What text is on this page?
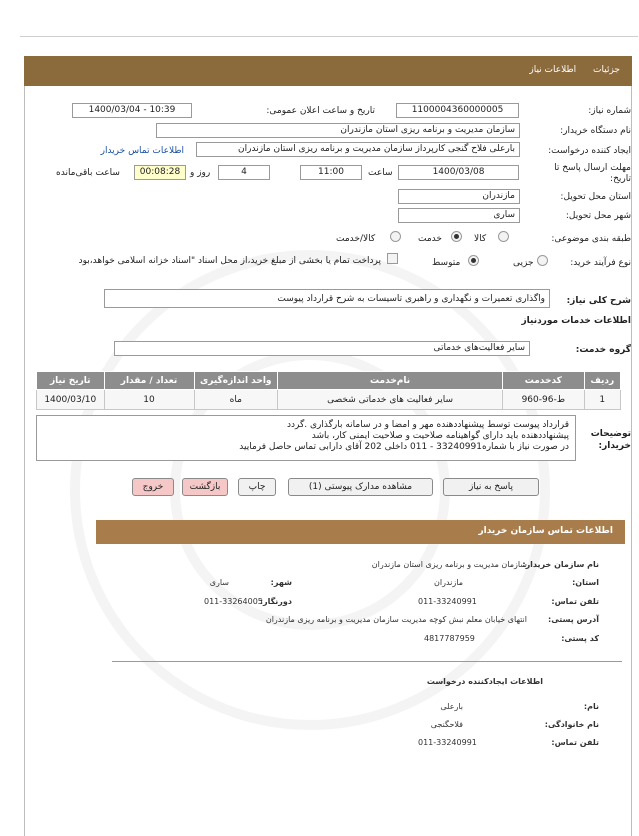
جزئیات اطلاعات نیاز
شماره نیاز:
1100004360000005
تاریخ و ساعت اعلان عمومی:
1400/03/04 - 10:39
نام دستگاه خریدار:
سازمان مدیریت و برنامه ریزی استان مازندران
ایجاد کننده درخواست:
بارعلی فلاح گنجی کارپرداز سازمان مدیریت و برنامه ریزی استان مازندران
اطلاعات تماس خریدار
مهلت ارسال پاسخ تا تاریخ:
1400/03/08
ساعت
11:00
4
روز و
00:08:28
ساعت باقی‌مانده
استان محل تحویل:
مازندران
شهر محل تحویل:
ساری
طبقه بندی موضوعی:
کالا
خدمت
کالا/خدمت
نوع فرآیند خرید:
جزیی
متوسط
پرداخت تمام یا بخشی از مبلغ خرید،از محل اسناد "اسناد خزانه اسلامی خواهد،بود
شرح کلی نیاز:
واگذاری تعمیرات و نگهداری و راهبری تاسیسات به شرح قرارداد پیوست
اطلاعات خدمات موردنیاز
گروه خدمت:
سایر فعالیت‌های خدماتی
تاریخ نیاز	تعداد / مقدار	واحد اندازه‌گیری	نام‌خدمت	کدخدمت	ردیف
1400/03/10	10	ماه	سایر فعالیت های خدماتی شخصی	ط-96-960	1
توضیحات خریدار:
قرارداد پیوست توسط پیشنهاددهنده مهر و امضا و در سامانه بارگذاری .گردد
پیشنهاددهنده باید دارای گواهینامه صلاحیت و صلاحیت ایمنی کار، باشد
در صورت نیاز با شماره33240991 - 011 داخلی 202 آقای دارابی تماس حاصل فرمایید
پاسخ به نیاز
مشاهده مدارک پیوستی (1)
چاپ
بازگشت
خروج
اطلاعات تماس سازمان خریدار
نام سازمان خریدار:
سازمان مدیریت و برنامه ریزی استان مازندران
استان:
مازندران
شهر:
ساری
تلفن تماس:
011-33240991
دورنگار:
011-33264005
آدرس پستی:
انتهای خیابان معلم نبش کوچه مدیریت سازمان مدیریت و برنامه ریزی مازندران
کد پستی:
4817787959
اطلاعات ایجادکننده درخواست
نام:
بارعلی
نام خانوادگی:
فلاحگنجی
تلفن تماس:
011-33240991
